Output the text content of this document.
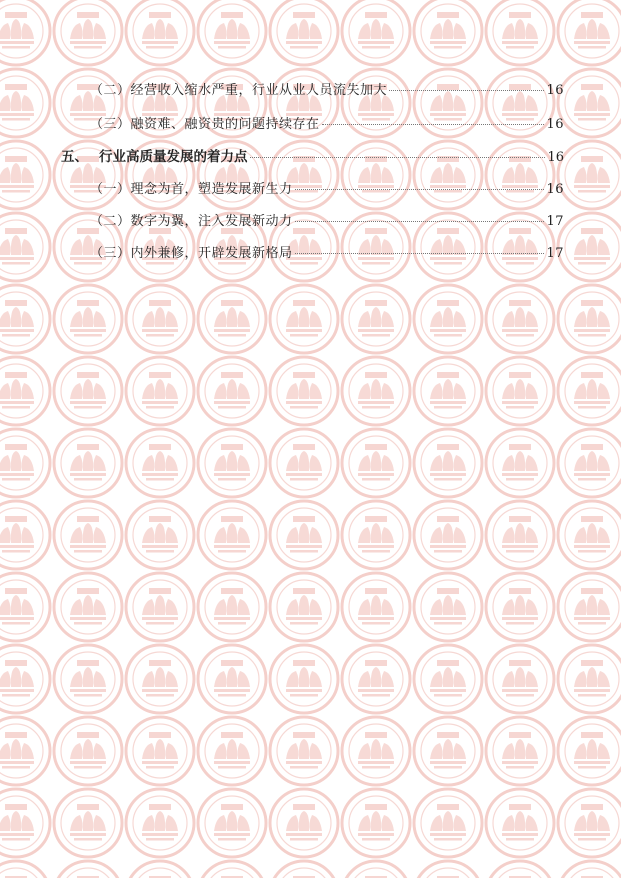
（二）经营收入缩水严重，行业从业人员流失加大	16
（三）融资难、融资贵的问题持续存在	16
五、 行业高质量发展的着力点	16
（一）理念为首，塑造发展新生力	16
（二）数字为翼，注入发展新动力	17
（三）内外兼修，开辟发展新格局	17
